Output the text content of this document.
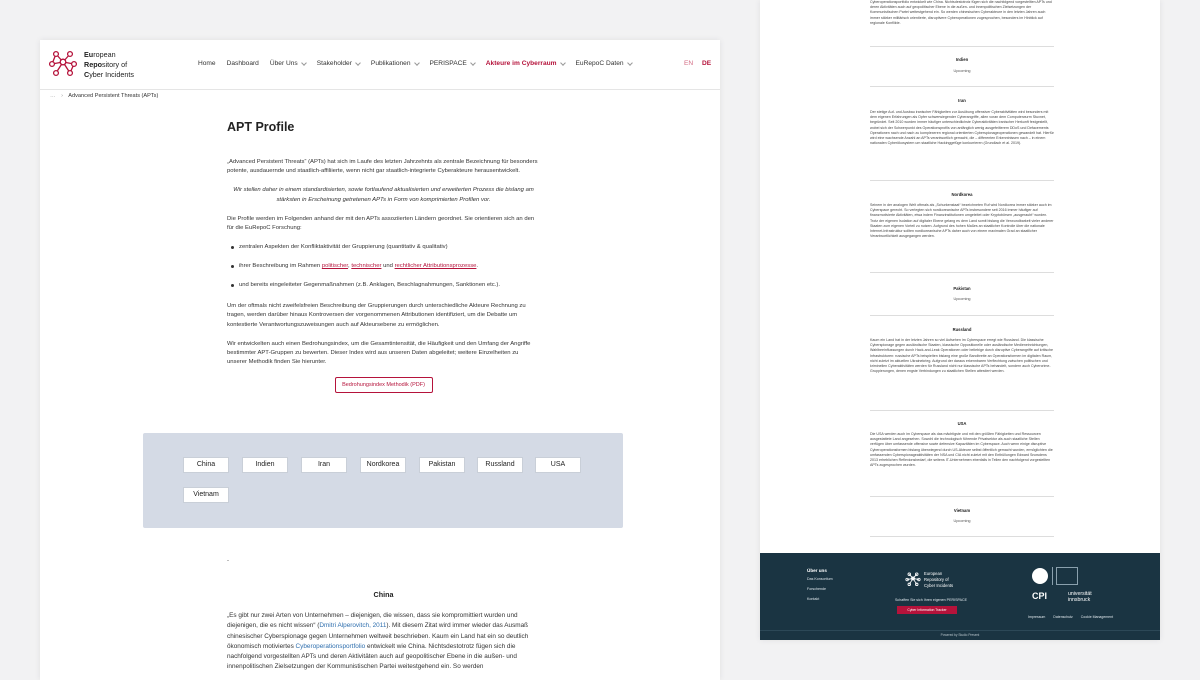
European
Repository of
Cyber Incidents
Home Dashboard Über Uns	Stakeholder	Publikationen	PERISPACE	Akteure im Cyberraum	EuRepoC Daten	EN DE
… › Advanced Persistent Threats (APTs)
APT Profile

„Advanced Persistent Threats“ (APTs) hat sich im Laufe des letzten Jahrzehnts als zentrale Bezeichnung für besonders potente, ausdauernde und staatlich-affiliierte, wenn nicht gar staatlich-integrierte Cyberakteure herausentwickelt.

Wir stellen daher in einem standardisierten, sowie fortlaufend aktualisierten und erweiterten Prozess die bislang am stärksten in Erscheinung getretenen APTs in Form von komprimierten Profilen vor.

Die Profile werden im Folgenden anhand der mit den APTs assoziierten Ländern geordnet. Sie orientieren sich an den für die EuRepoC Forschung:

zentralen Aspekten der Konfliktaktivität der Gruppierung (quantitativ & qualitativ)
ihrer Beschreibung im Rahmen politischer, technischer und rechtlicher Attributionsprozesse.
und bereits eingeleiteter Gegenmaßnahmen (z.B. Anklagen, Beschlagnahmungen, Sanktionen etc.).

Um der oftmals nicht zweifelsfreien Beschreibung der Gruppierungen durch unterschiedliche Akteure Rechnung zu tragen, werden darüber hinaus Kontroversen der vorgenommenen Attributionen identifiziert, um die Debatte um kontestierte Verantwortungszuweisungen auch auf Akteursebene zu ermöglichen.

Wir entwickelten auch einen Bedrohungsindex, um die Gesamtintensität, die Häufigkeit und den Umfang der Angriffe bestimmter APT-Gruppen zu bewerten. Dieser Index wird aus unseren Daten abgeleitet; weitere Einzelheiten zu unserer Methodik finden Sie hierunter.

Bedrohungsindex Methodik (PDF)
China	Indien	Iran	Nordkorea	Pakistan	Russland	USA
Vietnam
-
China

„Es gibt nur zwei Arten von Unternehmen – diejenigen, die wissen, dass sie kompromittiert wurden und diejenigen, die es nicht wissen“ (Dmitri Alperovitch, 2011). Mit diesem Zitat wird immer wieder das Ausmaß chinesischer Cyberspionage gegen Unternehmen weltweit beschrieben. Kaum ein Land hat ein so deutlich ökonomisch motiviertes Cyberoperationsportfolio entwickelt wie China. Nichtsdestotrotz fügen sich die nachfolgend vorgestellten APTs und deren Aktivitäten auch auf geopolitischer Ebene in die außen- und innenpolitischen Zielsetzungen der Kommunistischen Partei weitestgehend ein. So werden

Cyberoperationsportfolio entwickelt wie China. Nichtsdestotrotz fügen sich die nachfolgend vorgestellten APTs und deren Aktivitäten auch auf geopolitischer Ebene in die außen- und innenpolitischen Zielsetzungen der Kommunistischen Partei weitestgehend ein. So werden chinesischen Cyberakteure in den letzten Jahren auch immer stärker militärisch orientierte, disruptivere Cyberoperationen zugesprochen, besonders im Hinblick auf regionale Konflikte.
Indien
Upcoming
Iran
Der stetige Auf- und Ausbau iranischer Fähigkeiten zur Ausübung offensiver Cyberaktivitäten wird besonders mit dem eigenen Erfahrungen als Opfer schwerwiegender Cyberangriffe, allen voran dem Computerwurm Stuxnet, begründet. Seit 2010 wurden immer häufiger unterschiedlichste Cyberaktivitäten iranischer Herkunft festgestellt, wobei sich der Schwerpunkt des Operationsprofils von anfänglich wenig ausgefeilterem DDoS und Defacements Operationen nach und nach zu komplexeren regional orientierten Cyberspionageoperationen gewandelt hat. Hierfür wird eine wachsende Anzahl an APTs verantwortlich gemacht, die – differenten Erkenntnissen nach – in einem nationalen Cyberökosystem um staatliche Hackinggefüge konkurrieren (Grundlach et al. 2019).
Nordkorea
Seinem in der analogen Welt oftmals als „Schurkenstaat“ bezeichneten Ruf wird Nordkorea immer stärker auch im Cyberspace gerecht. So verlegten sich nordkoreanische APTs insbesondere seit 2016 immer häufiger auf finanzmotivierte Aktivitäten, etwa indem Finanzinstitutionen umgeleitet oder Kryptobörsen „ausgeraubt“ wurden. Trotz der eigenen Isolation auf digitaler Ebene gelang es dem Land somit bislang die Verwundbarkeit vieler anderer Staaten zum eigenen Vorteil zu nutzen. Aufgrund des hohen Maßes an staatlicher Kontrolle über die nationale Internet-Infrastruktur sollten nordkoreanische APTs daher auch von einem maximalen Grad an staatlicher Verantwortlichkeit ausgegangen werden.
Pakistan
Upcoming
Russland
Kaum ein Land hat in der letzten Jahren so viel Aufsehen im Cyberspace erregt wie Russland. Die klassische Cyberspionage gegen ausländische Staaten, klassische Oppositionelle oder ausländische Medieneinrichtungen, Wahlbeeinflussungen durch Hack-and-Leak Operationen oder beliebige durch disruptive Cyberangriffe auf kritische Infrastrukturen: russische APTs beispielten bislang eine große Bandbreite an Operationsformen im digitalen Raum, nicht zuletzt im aktuellen Ukrainekrieg. Aufgrund der daraus erkennbaren Verflechtung zwischen politischen und kriminellen Cyberaktivitäten werden für Russland nicht nur klassische APTs behandelt, sondern auch Cybercrime-Gruppierungen, denen engste Verbindungen zu staatlichen Stellen attestiert werden.
USA
Die USA werden auch im Cyberspace als das mächtigste und mit den größten Fähigkeiten und Ressourcen ausgestattete Land angesehen. Sowohl die technologisch führende Privatsektor als auch staatliche Stellen verfügen über umfassende offensive sowie defensive Kapazitäten im Cyberspace. Auch wenn einige disruptive Cyberoperationsformen bislang überwiegend durch US-Akteure selbst öffentlich gemacht wurden, ermöglichten die umfassenden Cyberspionageaktivitäten der NSA und CIA nicht zuletzt mit den Enthüllungen Edward Snowdens 2013 erheblichen Reflexionsbedarf, die seitens IT-Unternehmen ebenfalls in Teilen den nachfolgend vorgestellten APTs zugesprochen wurden.
Vietnam
Upcoming
Über uns
Das Konsortium
Forschende
Kontakt
European
Repository of
Cyber Incidents
Schaffen Sie sich Ihren eigenen PERISPACE
Cyber Information Tracker
CPI	universität
innsbruck
Impressum Datenschutz Cookie Management
Powered by Studio Present
